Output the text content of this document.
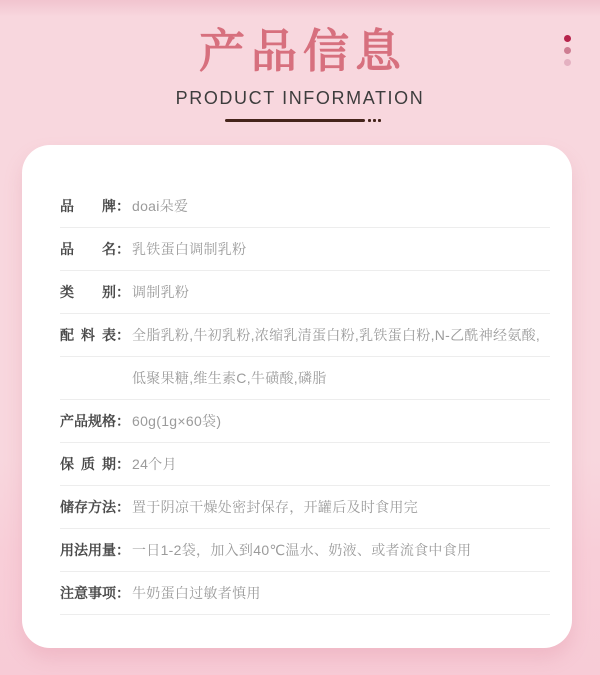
产品信息
PRODUCT INFORMATION
品牌 ： doai朵爱
品名 ： 乳铁蛋白调制乳粉
类别 ： 调制乳粉
配料表 ： 全脂乳粉,牛初乳粉,浓缩乳清蛋白粉,乳铁蛋白粉,N-乙酰神经氨酸,
低聚果糖,维生素C,牛磺酸,磷脂
产品规格 ： 60g(1g×60袋)
保质期 ： 24个月
储存方法 ： 置于阴凉干燥处密封保存，开罐后及时食用完
用法用量 ： 一日1-2袋，加入到40℃温水、奶液、或者流食中食用
注意事项 ： 牛奶蛋白过敏者慎用
